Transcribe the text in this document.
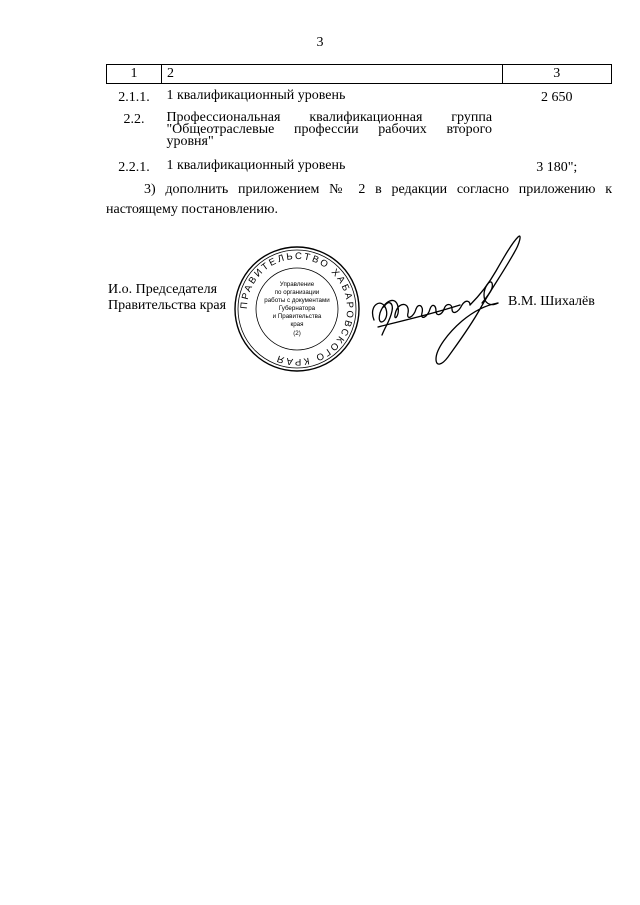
3
1	2	3
2.1.1.	1 квалификационный уровень	2 650
2.2.	Профессиональная квалификационная группа "Общеотраслевые профессии рабочих второго уровня"	
2.2.1.	1 квалификационный уровень	3 180";
3) дополнить приложением № 2 в редакции согласно приложению к настоящему постановлению.
И.о. Председателя
Правительства края	В.М. Шихалёв
ПРАВИТЕЛЬСТВО ХАБАРОВСКОГО КРАЯ
Управление
по организации
работы с документами
Губернатора
и Правительства
края
(2)
